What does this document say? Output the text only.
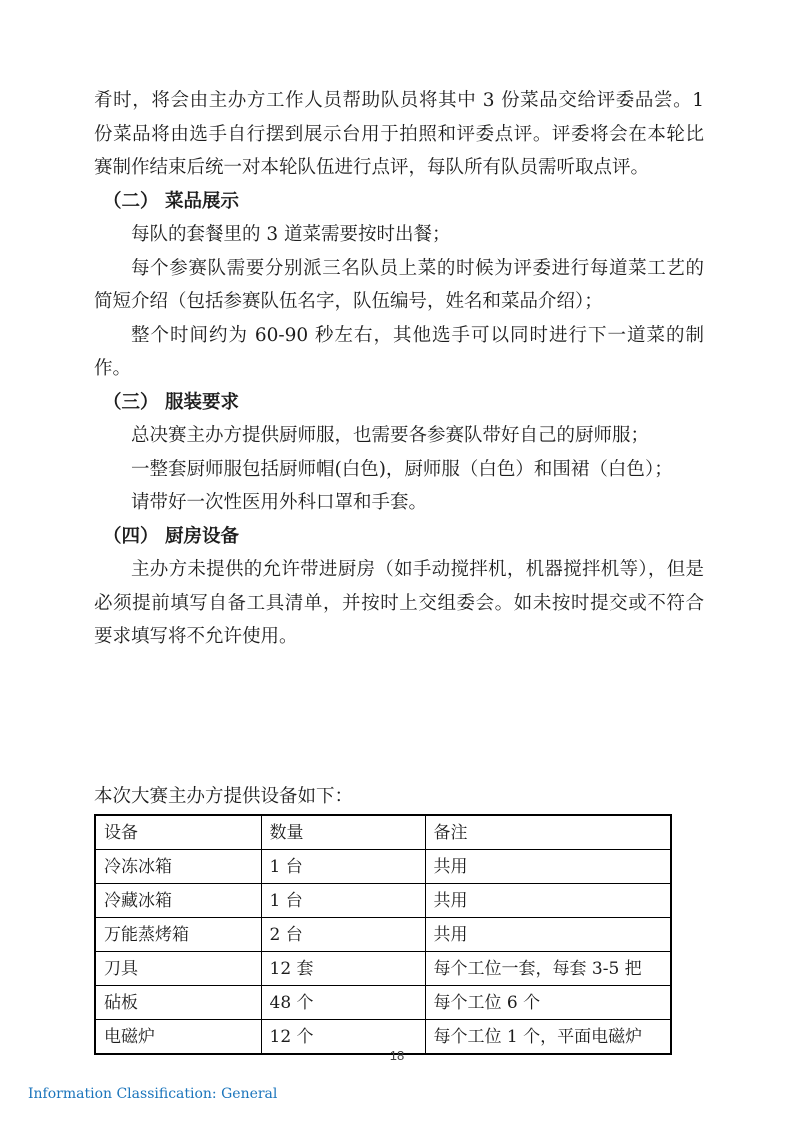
肴时，将会由主办方工作人员帮助队员将其中 3 份菜品交给评委品尝。1 份菜品将由选手自行摆到展示台用于拍照和评委点评。评委将会在本轮比赛制作结束后统一对本轮队伍进行点评，每队所有队员需听取点评。

（二） 菜品展示

每队的套餐里的 3 道菜需要按时出餐；

每个参赛队需要分别派三名队员上菜的时候为评委进行每道菜工艺的简短介绍（包括参赛队伍名字，队伍编号，姓名和菜品介绍）；

整个时间约为 60-90 秒左右，其他选手可以同时进行下一道菜的制作。

（三） 服装要求

总决赛主办方提供厨师服，也需要各参赛队带好自己的厨师服；

一整套厨师服包括厨师帽(白色)，厨师服（白色）和围裙（白色）；

请带好一次性医用外科口罩和手套。

（四） 厨房设备

主办方未提供的允许带进厨房（如手动搅拌机，机器搅拌机等），但是必须提前填写自备工具清单，并按时上交组委会。如未按时提交或不符合要求填写将不允许使用。

本次大赛主办方提供设备如下：

设备	数量	备注
冷冻冰箱	1 台	共用
冷藏冰箱	1 台	共用
万能蒸烤箱	2 台	共用
刀具	12 套	每个工位一套，每套 3-5 把
砧板	48 个	每个工位 6 个
电磁炉	12 个	每个工位 1 个，平面电磁炉
18
Information Classification: General
